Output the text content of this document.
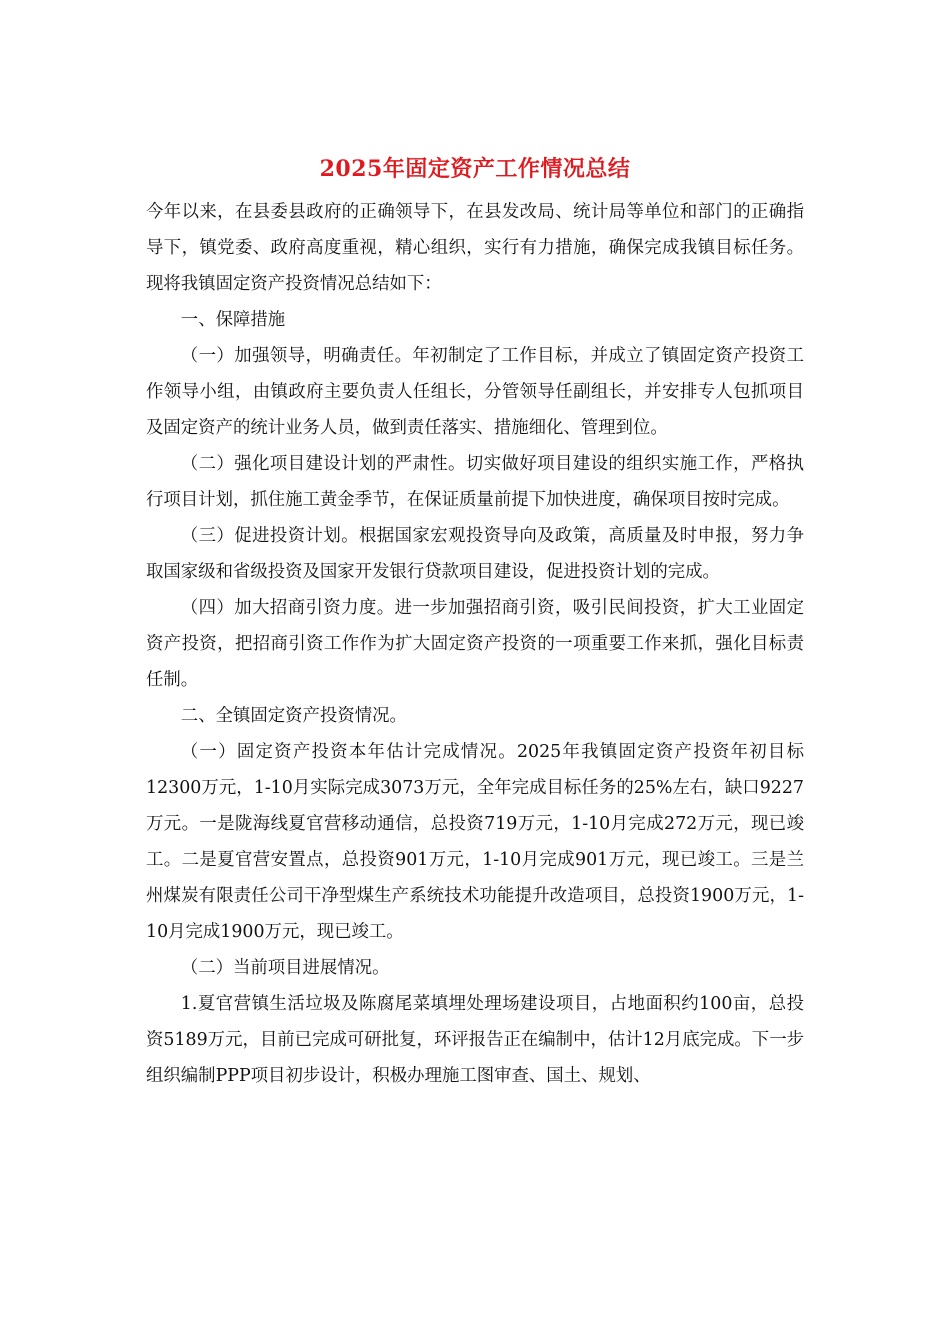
2025年固定资产工作情况总结

今年以来，在县委县政府的正确领导下，在县发改局、统计局等单位和部门的正确指导下，镇党委、政府高度重视，精心组织，实行有力措施，确保完成我镇目标任务。现将我镇固定资产投资情况总结如下：

一、保障措施

（一）加强领导，明确责任。年初制定了工作目标，并成立了镇固定资产投资工作领导小组，由镇政府主要负责人任组长，分管领导任副组长，并安排专人包抓项目及固定资产的统计业务人员，做到责任落实、措施细化、管理到位。

（二）强化项目建设计划的严肃性。切实做好项目建设的组织实施工作，严格执行项目计划，抓住施工黄金季节，在保证质量前提下加快进度，确保项目按时完成。

（三）促进投资计划。根据国家宏观投资导向及政策，高质量及时申报，努力争取国家级和省级投资及国家开发银行贷款项目建设，促进投资计划的完成。

（四）加大招商引资力度。进一步加强招商引资，吸引民间投资，扩大工业固定资产投资，把招商引资工作作为扩大固定资产投资的一项重要工作来抓，强化目标责任制。

二、全镇固定资产投资情况。

（一）固定资产投资本年估计完成情况。2025年我镇固定资产投资年初目标12300万元，1-10月实际完成3073万元，全年完成目标任务的25%左右，缺口9227万元。一是陇海线夏官营移动通信，总投资719万元，1-10月完成272万元，现已竣工。二是夏官营安置点，总投资901万元，1-10月完成901万元，现已竣工。三是兰州煤炭有限责任公司干净型煤生产系统技术功能提升改造项目，总投资1900万元，1-10月完成1900万元，现已竣工。

（二）当前项目进展情况。

1.夏官营镇生活垃圾及陈腐尾菜填埋处理场建设项目，占地面积约100亩，总投资5189万元，目前已完成可研批复，环评报告正在编制中，估计12月底完成。下一步组织编制PPP项目初步设计，积极办理施工图审查、国土、规划、
